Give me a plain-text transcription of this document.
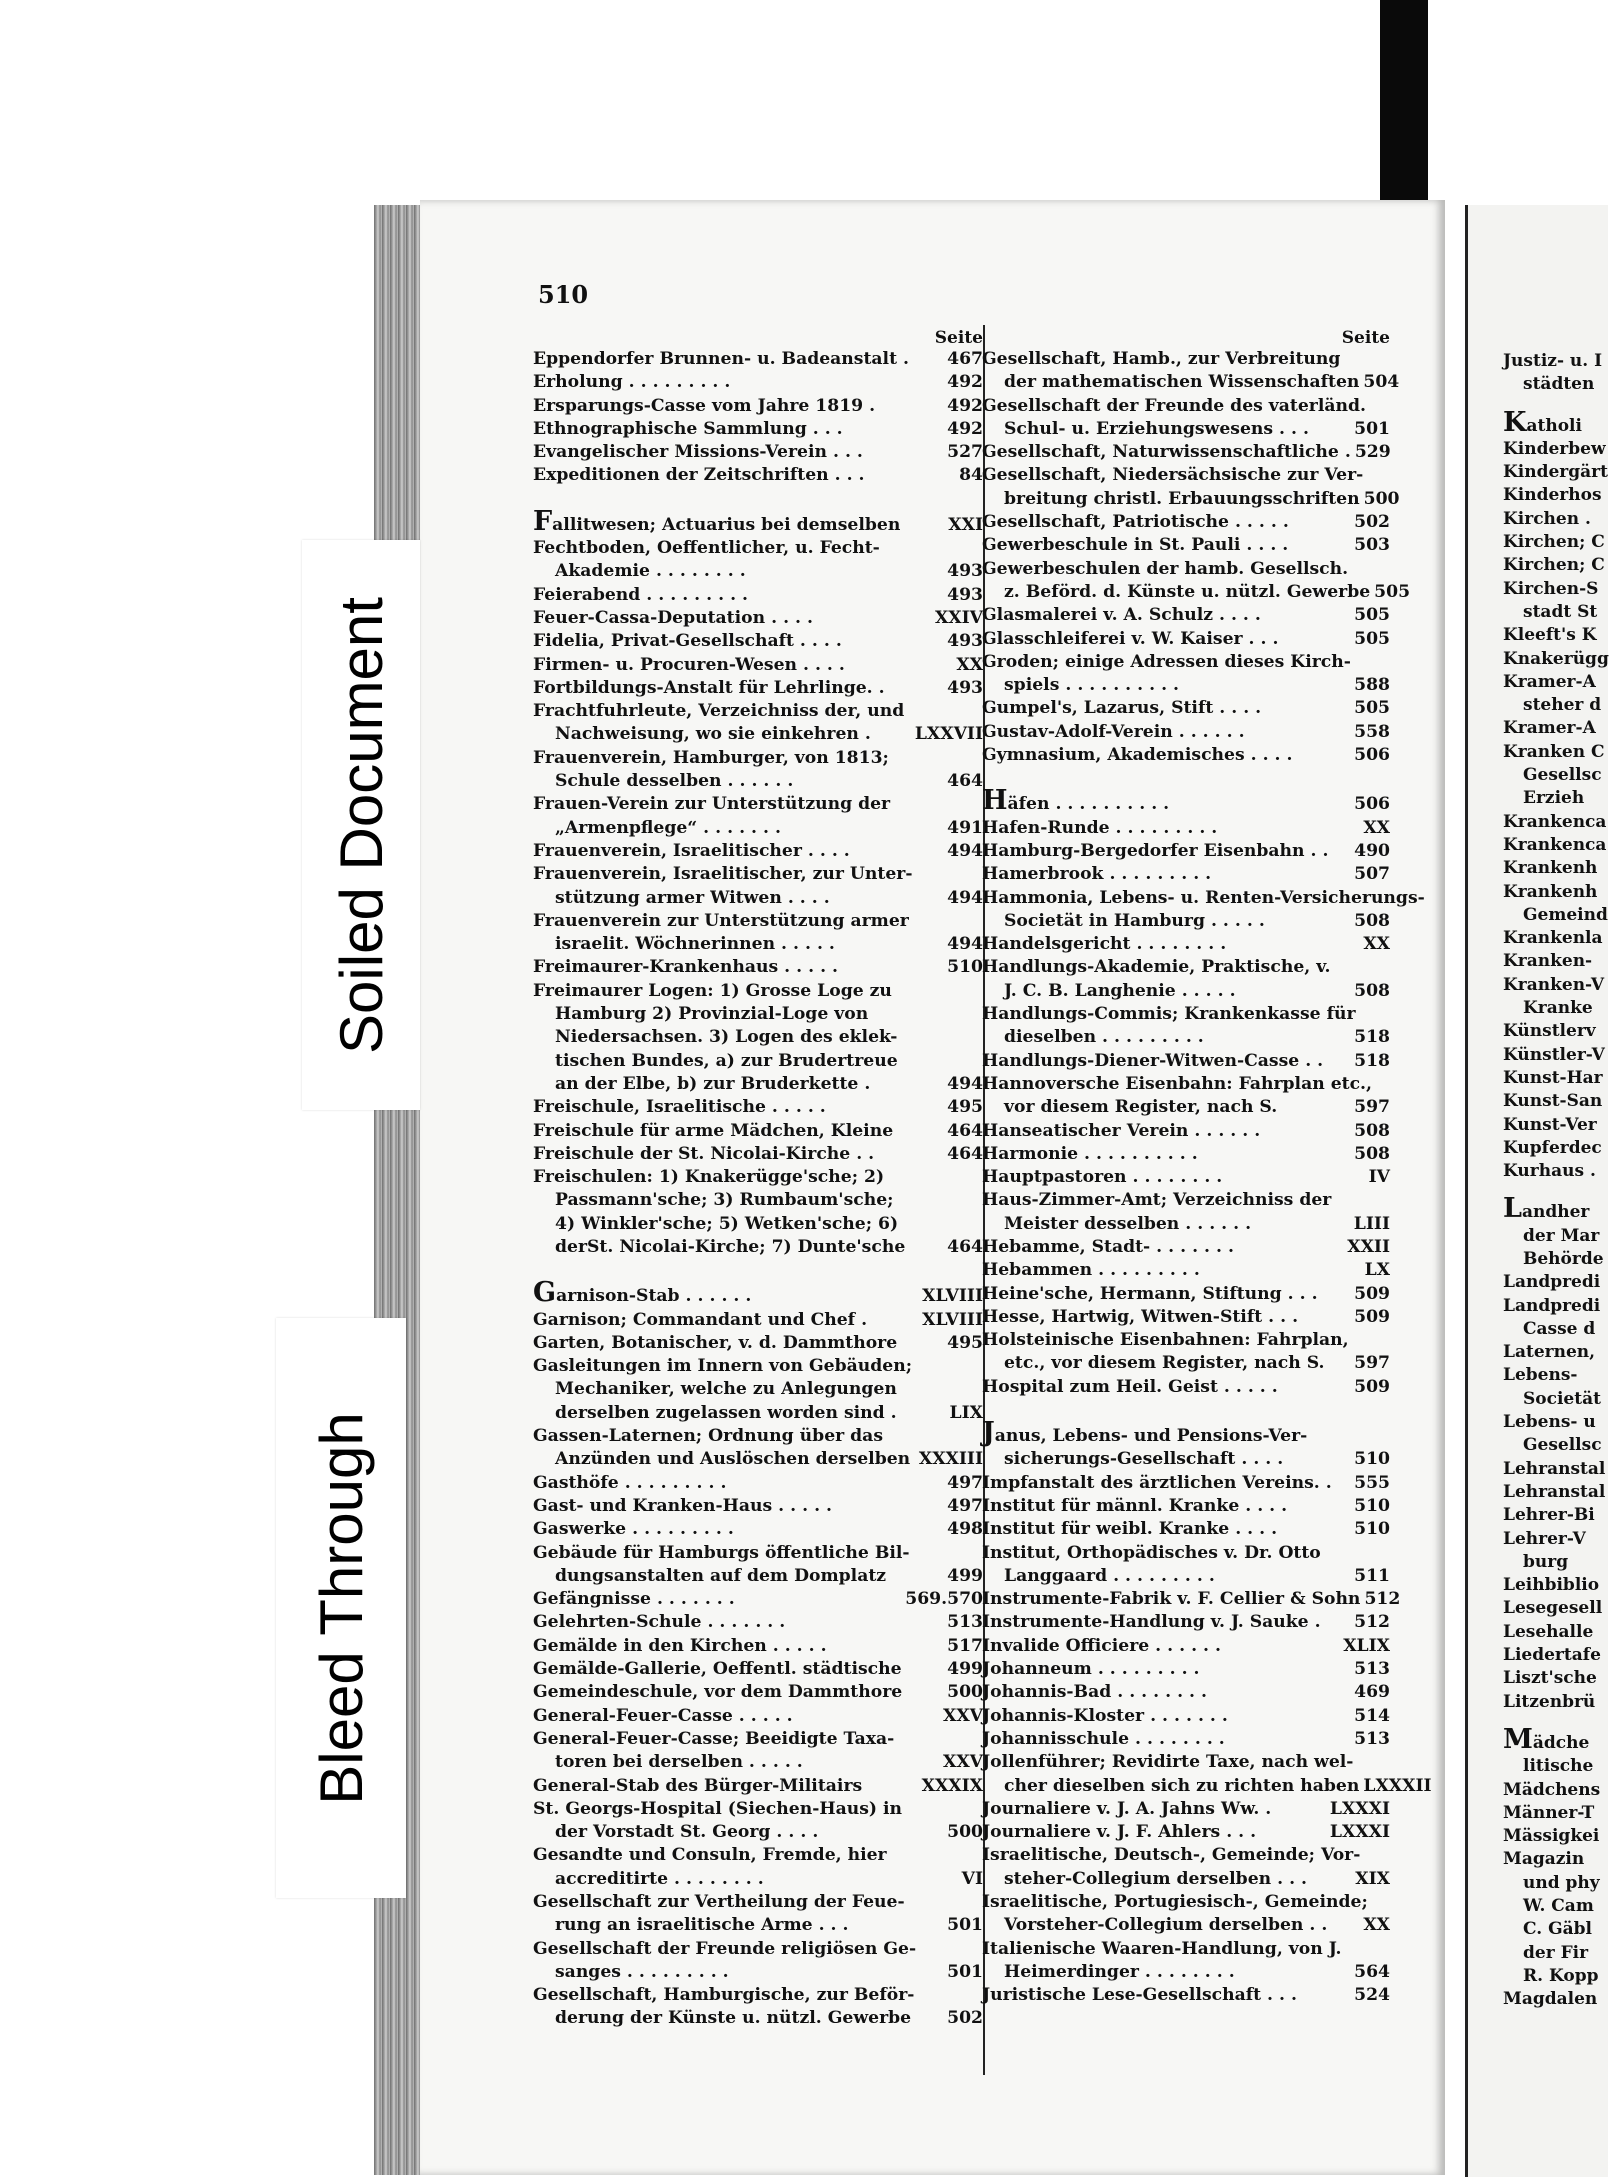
Justiz- u. I
städten
Katholi
Kinderbew
Kindergärt
Kinderhos
Kirchen .
Kirchen; C
Kirchen; C
Kirchen-S
stadt St
Kleeft's K
Knakerügg
Kramer-A
steher d
Kramer-A
Kranken C
Gesellsc
Erzieh
Krankenca
Krankenca
Krankenh
Krankenh
Gemeind
Krankenla
Kranken-
Kranken-V
Kranke
Künstlerv
Künstler-V
Kunst-Har
Kunst-San
Kunst-Ver
Kupferdec
Kurhaus .
Landher
der Mar
Behörde
Landpredi
Landpredi
Casse d
Laternen,
Lebens-
Societät
Lebens- u
Gesellsc
Lehranstal
Lehranstal
Lehrer-Bi
Lehrer-V
burg
Leihbiblio
Lesegesell
Lesehalle
Liedertafe
Liszt'sche
Litzenbrü
Mädche
litische
Mädchens
Männer-T
Mässigkei
Magazin
und phy
W. Cam
C. Gäbl
der Fir
R. Kopp
Magdalen
Soiled Document
Bleed Through
510
Seite
Eppendorfer Brunnen- u. Badeanstalt .	467
Erholung . . . . . . . . .	492
Ersparungs-Casse vom Jahre 1819 .	492
Ethnographische Sammlung . . .	492
Evangelischer Missions-Verein . . .	527
Expeditionen der Zeitschriften . . .	84
Fallitwesen; Actuarius bei demselben	XXI
Fechtboden, Oeffentlicher, u. Fecht-
Akademie . . . . . . . .	493
Feierabend . . . . . . . . .	493
Feuer-Cassa-Deputation . . . .	XXIV
Fidelia, Privat-Gesellschaft . . . .	493
Firmen- u. Procuren-Wesen . . . .	XX
Fortbildungs-Anstalt für Lehrlinge. .	493
Frachtfuhrleute, Verzeichniss der, und
Nachweisung, wo sie einkehren .	LXXVII
Frauenverein, Hamburger, von 1813;
Schule desselben . . . . . .	464
Frauen-Verein zur Unterstützung der
„Armenpflege“ . . . . . . .	491
Frauenverein, Israelitischer . . . .	494
Frauenverein, Israelitischer, zur Unter-
stützung armer Witwen . . . .	494
Frauenverein zur Unterstützung armer
israelit. Wöchnerinnen . . . . .	494
Freimaurer-Krankenhaus . . . . .	510
Freimaurer Logen: 1) Grosse Loge zu
Hamburg 2) Provinzial-Loge von
Niedersachsen. 3) Logen des eklek-
tischen Bundes, a) zur Brudertreue
an der Elbe, b) zur Bruderkette .	494
Freischule, Israelitische . . . . .	495
Freischule für arme Mädchen, Kleine	464
Freischule der St. Nicolai-Kirche . .	464
Freischulen: 1) Knakerügge'sche; 2)
Passmann'sche; 3) Rumbaum'sche;
4) Winkler'sche; 5) Wetken'sche; 6)
derSt. Nicolai-Kirche; 7) Dunte'sche	464
Garnison-Stab . . . . . .	XLVIII
Garnison; Commandant und Chef .	XLVIII
Garten, Botanischer, v. d. Dammthore	495
Gasleitungen im Innern von Gebäuden;
Mechaniker, welche zu Anlegungen
derselben zugelassen worden sind .	LIX
Gassen-Laternen; Ordnung über das
Anzünden und Auslöschen derselben XXXIII
Gasthöfe . . . . . . . . .	497
Gast- und Kranken-Haus . . . . .	497
Gaswerke . . . . . . . . .	498
Gebäude für Hamburgs öffentliche Bil-
dungsanstalten auf dem Domplatz	499
Gefängnisse . . . . . . .	569.570
Gelehrten-Schule . . . . . . .	513
Gemälde in den Kirchen . . . . .	517
Gemälde-Gallerie, Oeffentl. städtische	499
Gemeindeschule, vor dem Dammthore	500
General-Feuer-Casse . . . . .	XXV
General-Feuer-Casse; Beeidigte Taxa-
toren bei derselben . . . . .	XXV
General-Stab des Bürger-Militairs	XXXIX
St. Georgs-Hospital (Siechen-Haus) in
der Vorstadt St. Georg . . . .	500
Gesandte und Consuln, Fremde, hier
accreditirte . . . . . . . .	VI
Gesellschaft zur Vertheilung der Feue-
rung an israelitische Arme . . .	501
Gesellschaft der Freunde religiösen Ge-
sanges . . . . . . . . .	501
Gesellschaft, Hamburgische, zur Beför-
derung der Künste u. nützl. Gewerbe	502
Seite
Gesellschaft, Hamb., zur Verbreitung
der mathematischen Wissenschaften 504
Gesellschaft der Freunde des vaterländ.
Schul- u. Erziehungswesens . . .	501
Gesellschaft, Naturwissenschaftliche . 529
Gesellschaft, Niedersächsische zur Ver-
breitung christl. Erbauungsschriften 500
Gesellschaft, Patriotische . . . . .	502
Gewerbeschule in St. Pauli . . . .	503
Gewerbeschulen der hamb. Gesellsch.
z. Beförd. d. Künste u. nützl. Gewerbe 505
Glasmalerei v. A. Schulz . . . .	505
Glasschleiferei v. W. Kaiser . . .	505
Groden; einige Adressen dieses Kirch-
spiels . . . . . . . . . .	588
Gumpel's, Lazarus, Stift . . . .	505
Gustav-Adolf-Verein . . . . . .	558
Gymnasium, Akademisches . . . .	506
Häfen . . . . . . . . . .	506
Hafen-Runde . . . . . . . . .	XX
Hamburg-Bergedorfer Eisenbahn . .	490
Hamerbrook . . . . . . . . .	507
Hammonia, Lebens- u. Renten-Versicherungs-
Societät in Hamburg . . . . .	508
Handelsgericht . . . . . . . .	XX
Handlungs-Akademie, Praktische, v.
J. C. B. Langhenie . . . . .	508
Handlungs-Commis; Krankenkasse für
dieselben . . . . . . . . .	518
Handlungs-Diener-Witwen-Casse . .	518
Hannoversche Eisenbahn: Fahrplan etc.,
vor diesem Register, nach S.	597
Hanseatischer Verein . . . . . .	508
Harmonie . . . . . . . . . .	508
Hauptpastoren . . . . . . . .	IV
Haus-Zimmer-Amt; Verzeichniss der
Meister desselben . . . . . .	LIII
Hebamme, Stadt- . . . . . . .	XXII
Hebammen . . . . . . . . .	LX
Heine'sche, Hermann, Stiftung . . .	509
Hesse, Hartwig, Witwen-Stift . . .	509
Holsteinische Eisenbahnen: Fahrplan,
etc., vor diesem Register, nach S.	597
Hospital zum Heil. Geist . . . . .	509
Janus, Lebens- und Pensions-Ver-
sicherungs-Gesellschaft . . . .	510
Impfanstalt des ärztlichen Vereins. .	555
Institut für männl. Kranke . . . .	510
Institut für weibl. Kranke . . . .	510
Institut, Orthopädisches v. Dr. Otto
Langgaard . . . . . . . . .	511
Instrumente-Fabrik v. F. Cellier & Sohn 512
Instrumente-Handlung v. J. Sauke .	512
Invalide Officiere . . . . . .	XLIX
Johanneum . . . . . . . . .	513
Johannis-Bad . . . . . . . .	469
Johannis-Kloster . . . . . . .	514
Johannisschule . . . . . . . .	513
Jollenführer; Revidirte Taxe, nach wel-
cher dieselben sich zu richten haben LXXXII
Journaliere v. J. A. Jahns Ww. .	LXXXI
Journaliere v. J. F. Ahlers . . .	LXXXI
Israelitische, Deutsch-, Gemeinde; Vor-
steher-Collegium derselben . . .	XIX
Israelitische, Portugiesisch-, Gemeinde;
Vorsteher-Collegium derselben . .	XX
Italienische Waaren-Handlung, von J.
Heimerdinger . . . . . . . .	564
Juristische Lese-Gesellschaft . . .	524
